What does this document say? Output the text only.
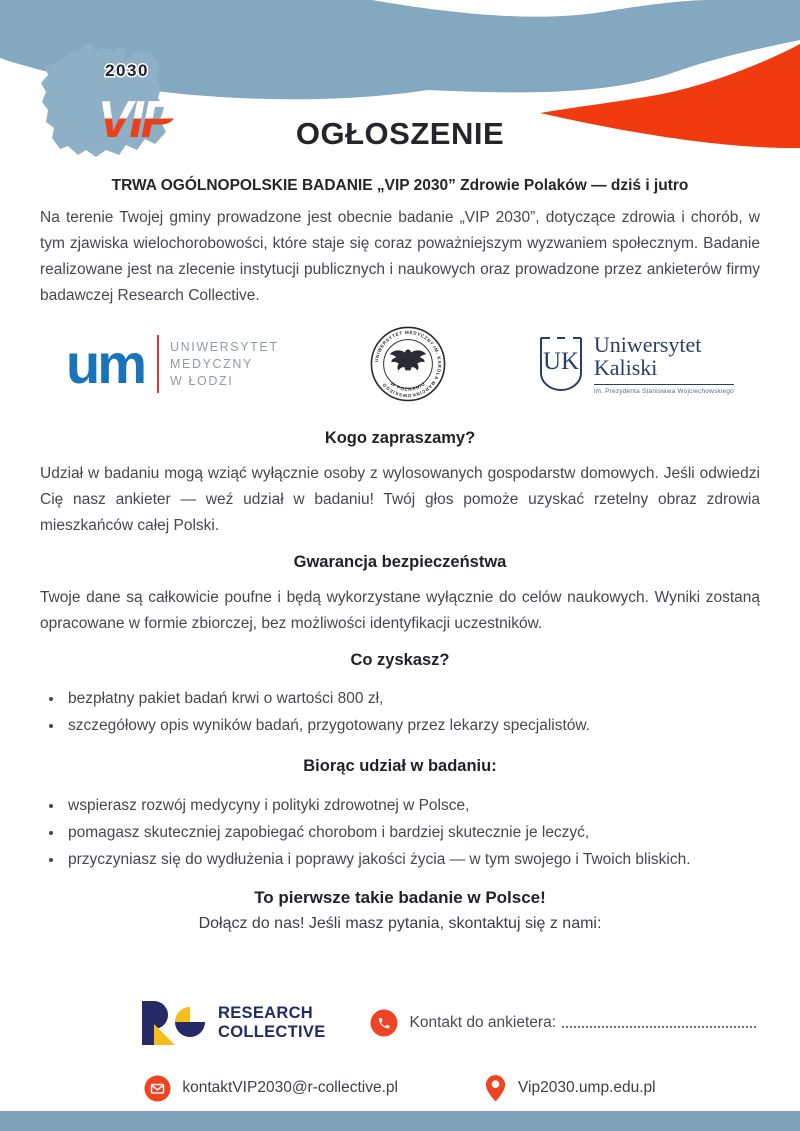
2030
VIP	OGŁOSZENIE
TRWA OGÓLNOPOLSKIE BADANIE „VIP 2030” Zdrowie Polaków — dziś i jutro

Na terenie Twojej gminy prowadzone jest obecnie badanie „VIP 2030”, dotyczące zdrowia i chorób, w tym zjawiska wielochorobowości, które staje się coraz poważniejszym wyzwaniem społecznym. Badanie realizowane jest na zlecenie instytucji publicznych i naukowych oraz prowadzone przez ankieterów firmy badawczej Research Collective.

um UNIWERSYTET
MEDYCZNY
W ŁODZI
UNIWERSYTET MEDYCZNY IM. KAROLA MARCINKOWSKIEGO W POZNANIU
UK
Uniwersytet
Kaliski
im. Prezydenta Stanisława Wojciechowskiego
Kogo zapraszamy?

Udział w badaniu mogą wziąć wyłącznie osoby z wylosowanych gospodarstw domowych. Jeśli odwiedzi Cię nasz ankieter — weź udział w badaniu! Twój głos pomoże uzyskać rzetelny obraz zdrowia mieszkańców całej Polski.

Gwarancja bezpieczeństwa

Twoje dane są całkowicie poufne i będą wykorzystane wyłącznie do celów naukowych. Wyniki zostaną opracowane w formie zbiorczej, bez możliwości identyfikacji uczestników.

Co zyskasz?
• bezpłatny pakiet badań krwi o wartości 800 zł,
• szczegółowy opis wyników badań, przygotowany przez lekarzy specjalistów.
Biorąc udział w badaniu:
• wspierasz rozwój medycyny i polityki zdrowotnej w Polsce,
• pomagasz skuteczniej zapobiegać chorobom i bardziej skutecznie je leczyć,
• przyczyniasz się do wydłużenia i poprawy jakości życia — w tym swojego i Twoich bliskich.
To pierwsze takie badanie w Polsce!
Dołącz do nas! Jeśli masz pytania, skontaktuj się z nami:
RESEARCH
COLLECTIVE
Kontakt do ankietera:
kontaktVIP2030@r-collective.pl	Vip2030.ump.edu.pl
